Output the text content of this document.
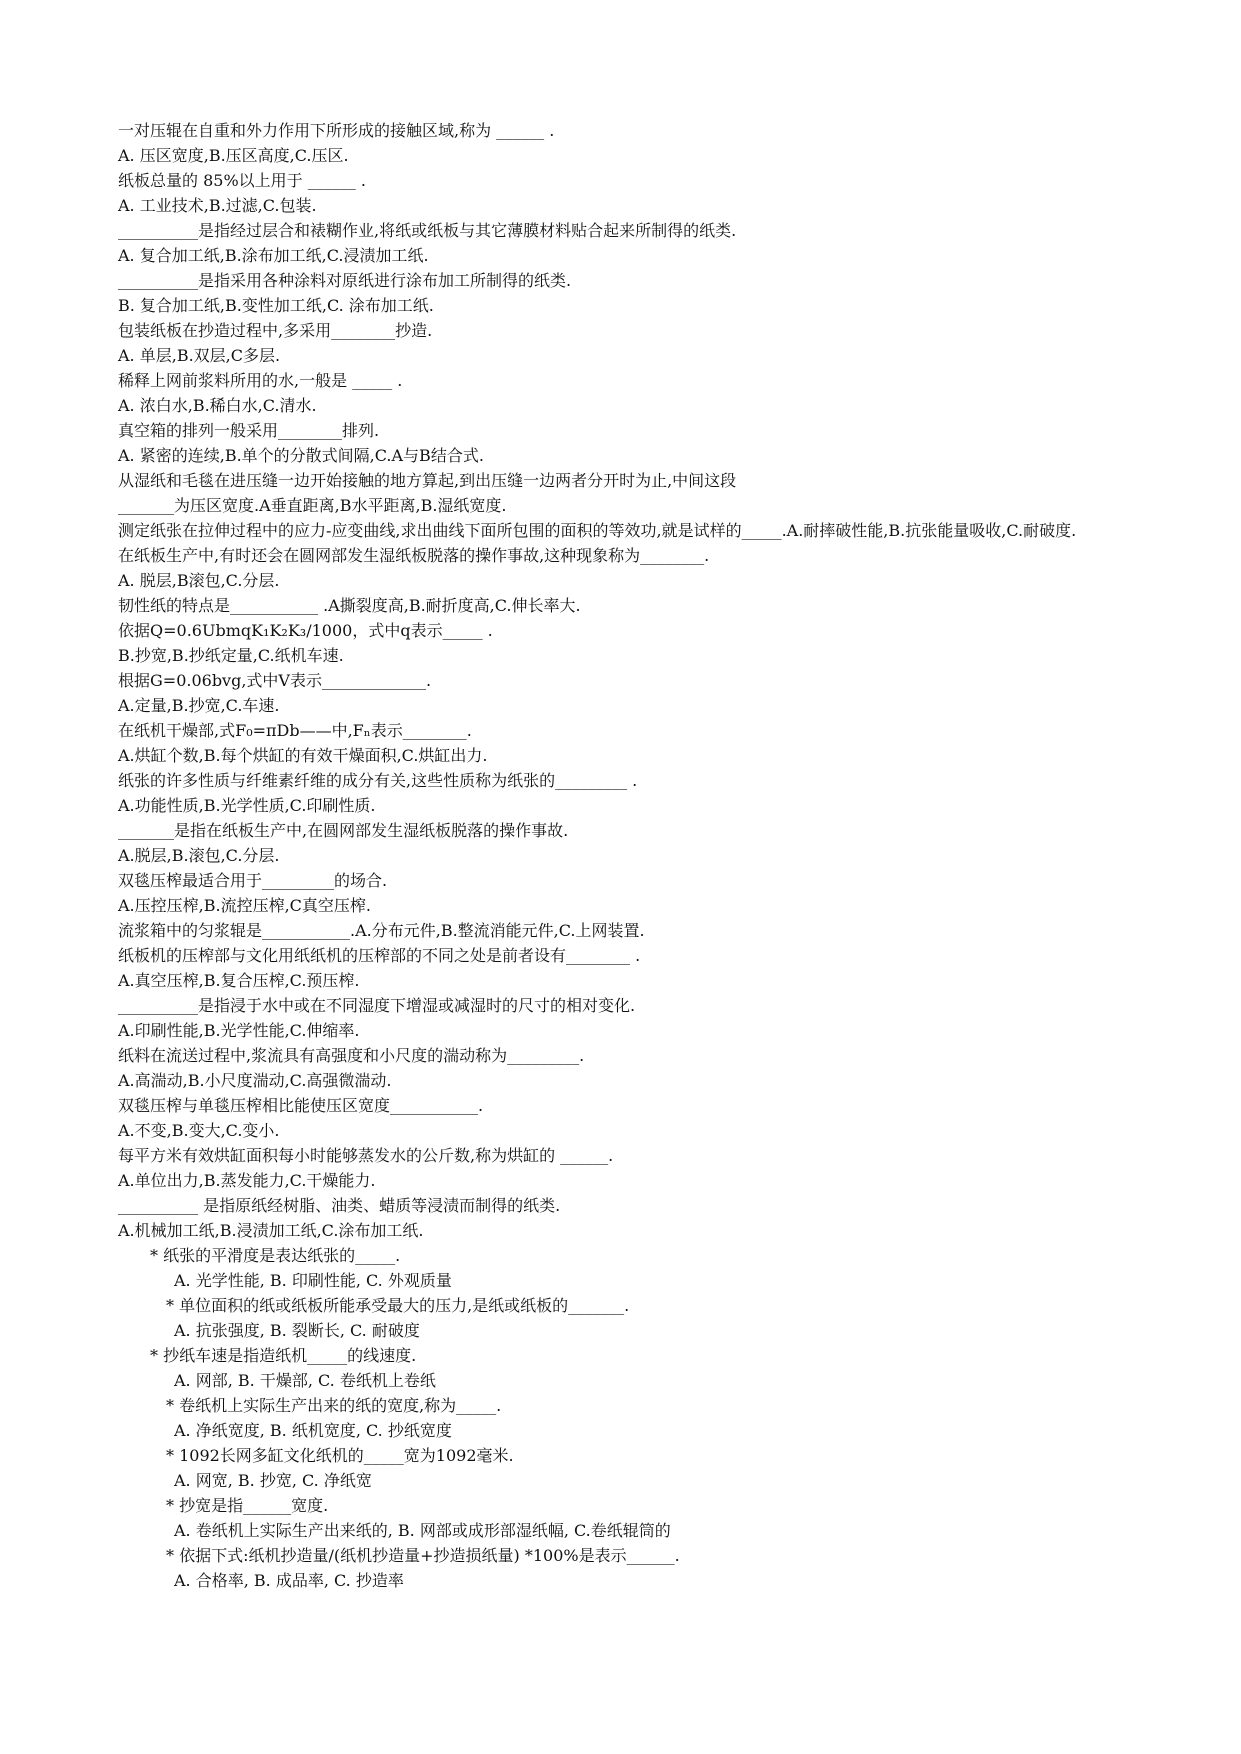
一对压辊在自重和外力作用下所形成的接触区域,称为 ______ .
A. 压区宽度,B.压区高度,C.压区.
纸板总量的 85%以上用于 ______ .
A. 工业技术,B.过滤,C.包装.
__________是指经过层合和裱糊作业,将纸或纸板与其它薄膜材料贴合起来所制得的纸类.
A. 复合加工纸,B.涂布加工纸,C.浸渍加工纸.
__________是指采用各种涂料对原纸进行涂布加工所制得的纸类.
B. 复合加工纸,B.变性加工纸,C. 涂布加工纸.
包装纸板在抄造过程中,多采用________抄造.
A. 单层,B.双层,C多层.
稀释上网前浆料所用的水,一般是 _____ .
A. 浓白水,B.稀白水,C.清水.
真空箱的排列一般采用________排列.
A. 紧密的连续,B.单个的分散式间隔,C.A与B结合式.
从湿纸和毛毯在进压缝一边开始接触的地方算起,到出压缝一边两者分开时为止,中间这段
_______为压区宽度.A垂直距离,B水平距离,B.湿纸宽度.
测定纸张在拉伸过程中的应力-应变曲线,求出曲线下面所包围的面积的等效功,就是试样的_____.A.耐摔破性能,B.抗张能量吸收,C.耐破度.
在纸板生产中,有时还会在圆网部发生湿纸板脱落的操作事故,这种现象称为________.
A. 脱层,B滚包,C.分层.
韧性纸的特点是___________ .A撕裂度高,B.耐折度高,C.伸长率大.
依据Q=0.6UbmqK₁K₂K₃/1000，式中q表示_____ .
B.抄宽,B.抄纸定量,C.纸机车速.
根据G=0.06bvg,式中V表示_____________.
A.定量,B.抄宽,C.车速.
在纸机干燥部,式F₀=πDb——中,Fₙ表示________.
A.烘缸个数,B.每个烘缸的有效干燥面积,C.烘缸出力.
纸张的许多性质与纤维素纤维的成分有关,这些性质称为纸张的_________ .
A.功能性质,B.光学性质,C.印刷性质.
_______是指在纸板生产中,在圆网部发生湿纸板脱落的操作事故.
A.脱层,B.滚包,C.分层.
双毯压榨最适合用于_________的场合.
A.压控压榨,B.流控压榨,C真空压榨.
流浆箱中的匀浆辊是___________.A.分布元件,B.整流消能元件,C.上网装置.
纸板机的压榨部与文化用纸纸机的压榨部的不同之处是前者设有________ .
A.真空压榨,B.复合压榨,C.预压榨.
__________是指浸于水中或在不同湿度下增湿或减湿时的尺寸的相对变化.
A.印刷性能,B.光学性能,C.伸缩率.
纸料在流送过程中,浆流具有高强度和小尺度的湍动称为_________.
A.高湍动,B.小尺度湍动,C.高强微湍动.
双毯压榨与单毯压榨相比能使压区宽度___________.
A.不变,B.变大,C.变小.
每平方米有效烘缸面积每小时能够蒸发水的公斤数,称为烘缸的 ______.
A.单位出力,B.蒸发能力,C.干燥能力.
__________ 是指原纸经树脂、油类、蜡质等浸渍而制得的纸类.
A.机械加工纸,B.浸渍加工纸,C.涂布加工纸.
* 纸张的平滑度是表达纸张的_____.
A. 光学性能, B. 印刷性能, C. 外观质量
* 单位面积的纸或纸板所能承受最大的压力,是纸或纸板的_______.
A. 抗张强度, B. 裂断长, C. 耐破度
* 抄纸车速是指造纸机_____的线速度.
A. 网部, B. 干燥部, C. 卷纸机上卷纸
* 卷纸机上实际生产出来的纸的宽度,称为_____.
A. 净纸宽度, B. 纸机宽度, C. 抄纸宽度
* 1092长网多缸文化纸机的_____宽为1092毫米.
A. 网宽, B. 抄宽, C. 净纸宽
* 抄宽是指______宽度.
A. 卷纸机上实际生产出来纸的, B. 网部或成形部湿纸幅, C.卷纸辊筒的
* 依据下式:纸机抄造量/(纸机抄造量+抄造损纸量) *100%是表示______.
A. 合格率, B. 成品率, C. 抄造率
